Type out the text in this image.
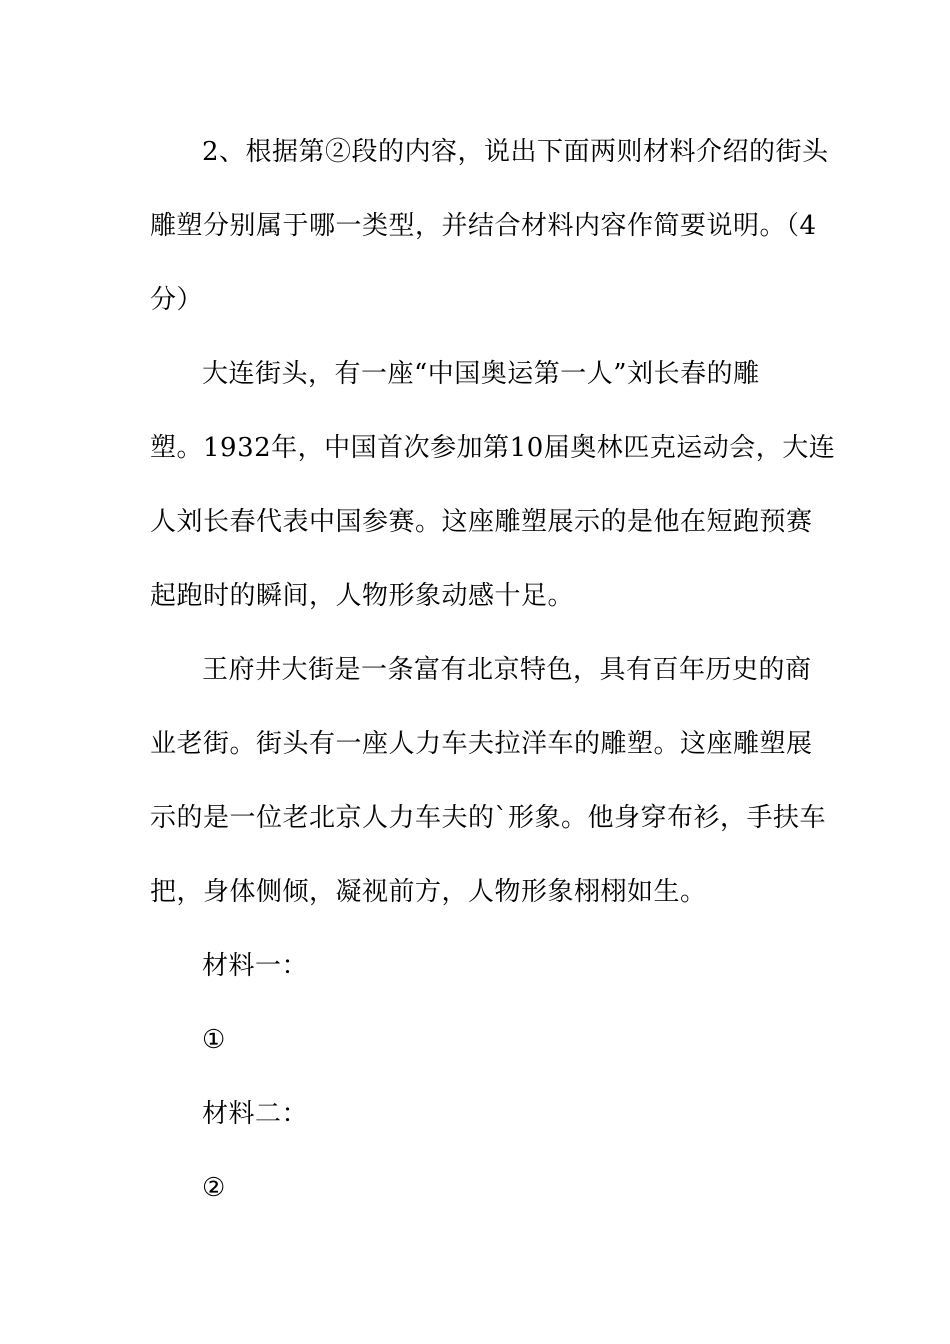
2、根据第②段的内容，说出下面两则材料介绍的街头
雕塑分别属于哪一类型，并结合材料内容作简要说明。（4
分）
大连街头，有一座“中国奥运第一人”刘长春的雕
塑。1932年，中国首次参加第10届奥林匹克运动会，大连
人刘长春代表中国参赛。这座雕塑展示的是他在短跑预赛
起跑时的瞬间，人物形象动感十足。
王府井大街是一条富有北京特色，具有百年历史的商
业老街。街头有一座人力车夫拉洋车的雕塑。这座雕塑展
示的是一位老北京人力车夫的`形象。他身穿布衫，手扶车
把，身体侧倾，凝视前方，人物形象栩栩如生。
材料一：
①
材料二：
②
